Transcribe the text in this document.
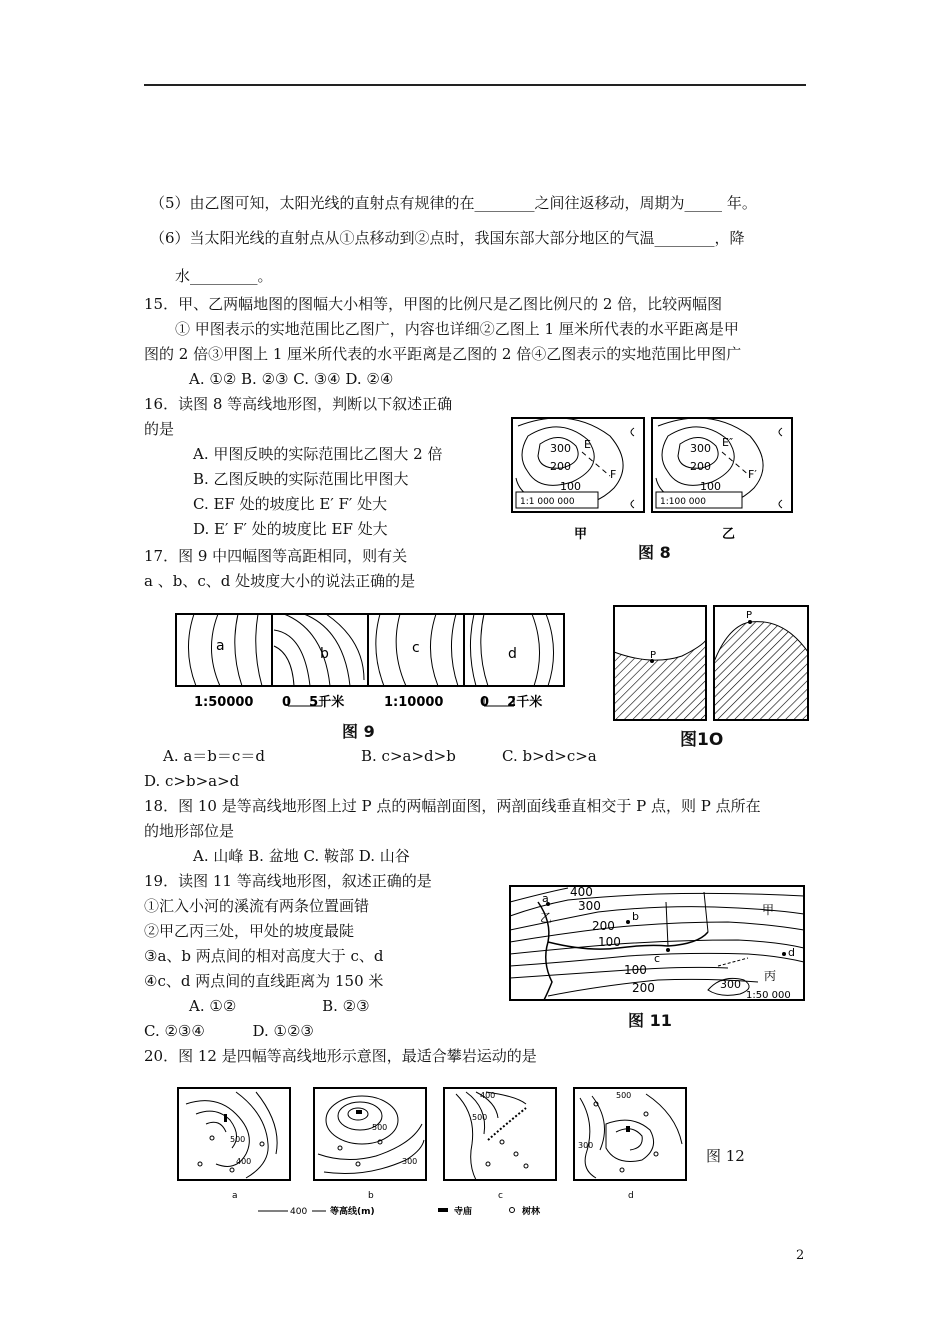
（5）由乙图可知，太阳光线的直射点有规律的在________之间往返移动，周期为_____ 年。
（6）当太阳光线的直射点从①点移动到②点时，我国东部大部分地区的气温________，降
水_________。
15．甲、乙两幅地图的图幅大小相等，甲图的比例尺是乙图比例尺的 2 倍，比较两幅图
① 甲图表示的实地范围比乙图广，内容也详细②乙图上 1 厘米所代表的水平距离是甲
图的 2 倍③甲图上 1 厘米所代表的水平距离是乙图的 2 倍④乙图表示的实地范围比甲图广
A. ①② B. ②③ C. ③④ D. ②④
16．读图 8 等高线地形图，判断以下叙述正确
的是
A. 甲图反映的实际范围比乙图大 2 倍
B. 乙图反映的实际范围比甲图大
C. EF 处的坡度比 E′ F′ 处大
D. E′ F′ 处的坡度比 EF 处大
300
200
100
E
F
1:1 000 000
甲
300
200
100
E″
F′
1:100 000
乙
图 8
17．图 9 中四幅图等高距相同，则有关
a 、b、c、d 处坡度大小的说法正确的是
a	b	c	d
1:50000 0    5千米	1:10000	0    2千米
图 9
P
P
图1O
A. a＝b＝c＝d	B. c>a>d>b	C. b>d>c>a
D. c>b>a>d
18．图 10 是等高线地形图上过 P 点的两幅剖面图，两剖面线垂直相交于 P 点，则 P 点所在
的地形部位是
A. 山峰 B. 盆地 C. 鞍部 D. 山谷
19．读图 11 等高线地形图，叙述正确的是
①汇入小河的溪流有两条位置画错
②甲乙丙三处，甲处的坡度最陡
③a、b 两点间的相对高度大于 c、d
④c、d 两点间的直线距离为 150 米
A. ①②                  B. ②③
C. ②③④          D. ①②③
400
300
200
100
100
200	300
a
b
c	d
甲
乙
丙
1:50 000
图 11
20．图 12 是四幅等高线地形示意图，最适合攀岩运动的是
500
400
500
300
500
400	500
300
a	b	c	d
400	等高线(m)	寺庙	树林
图 12
2
